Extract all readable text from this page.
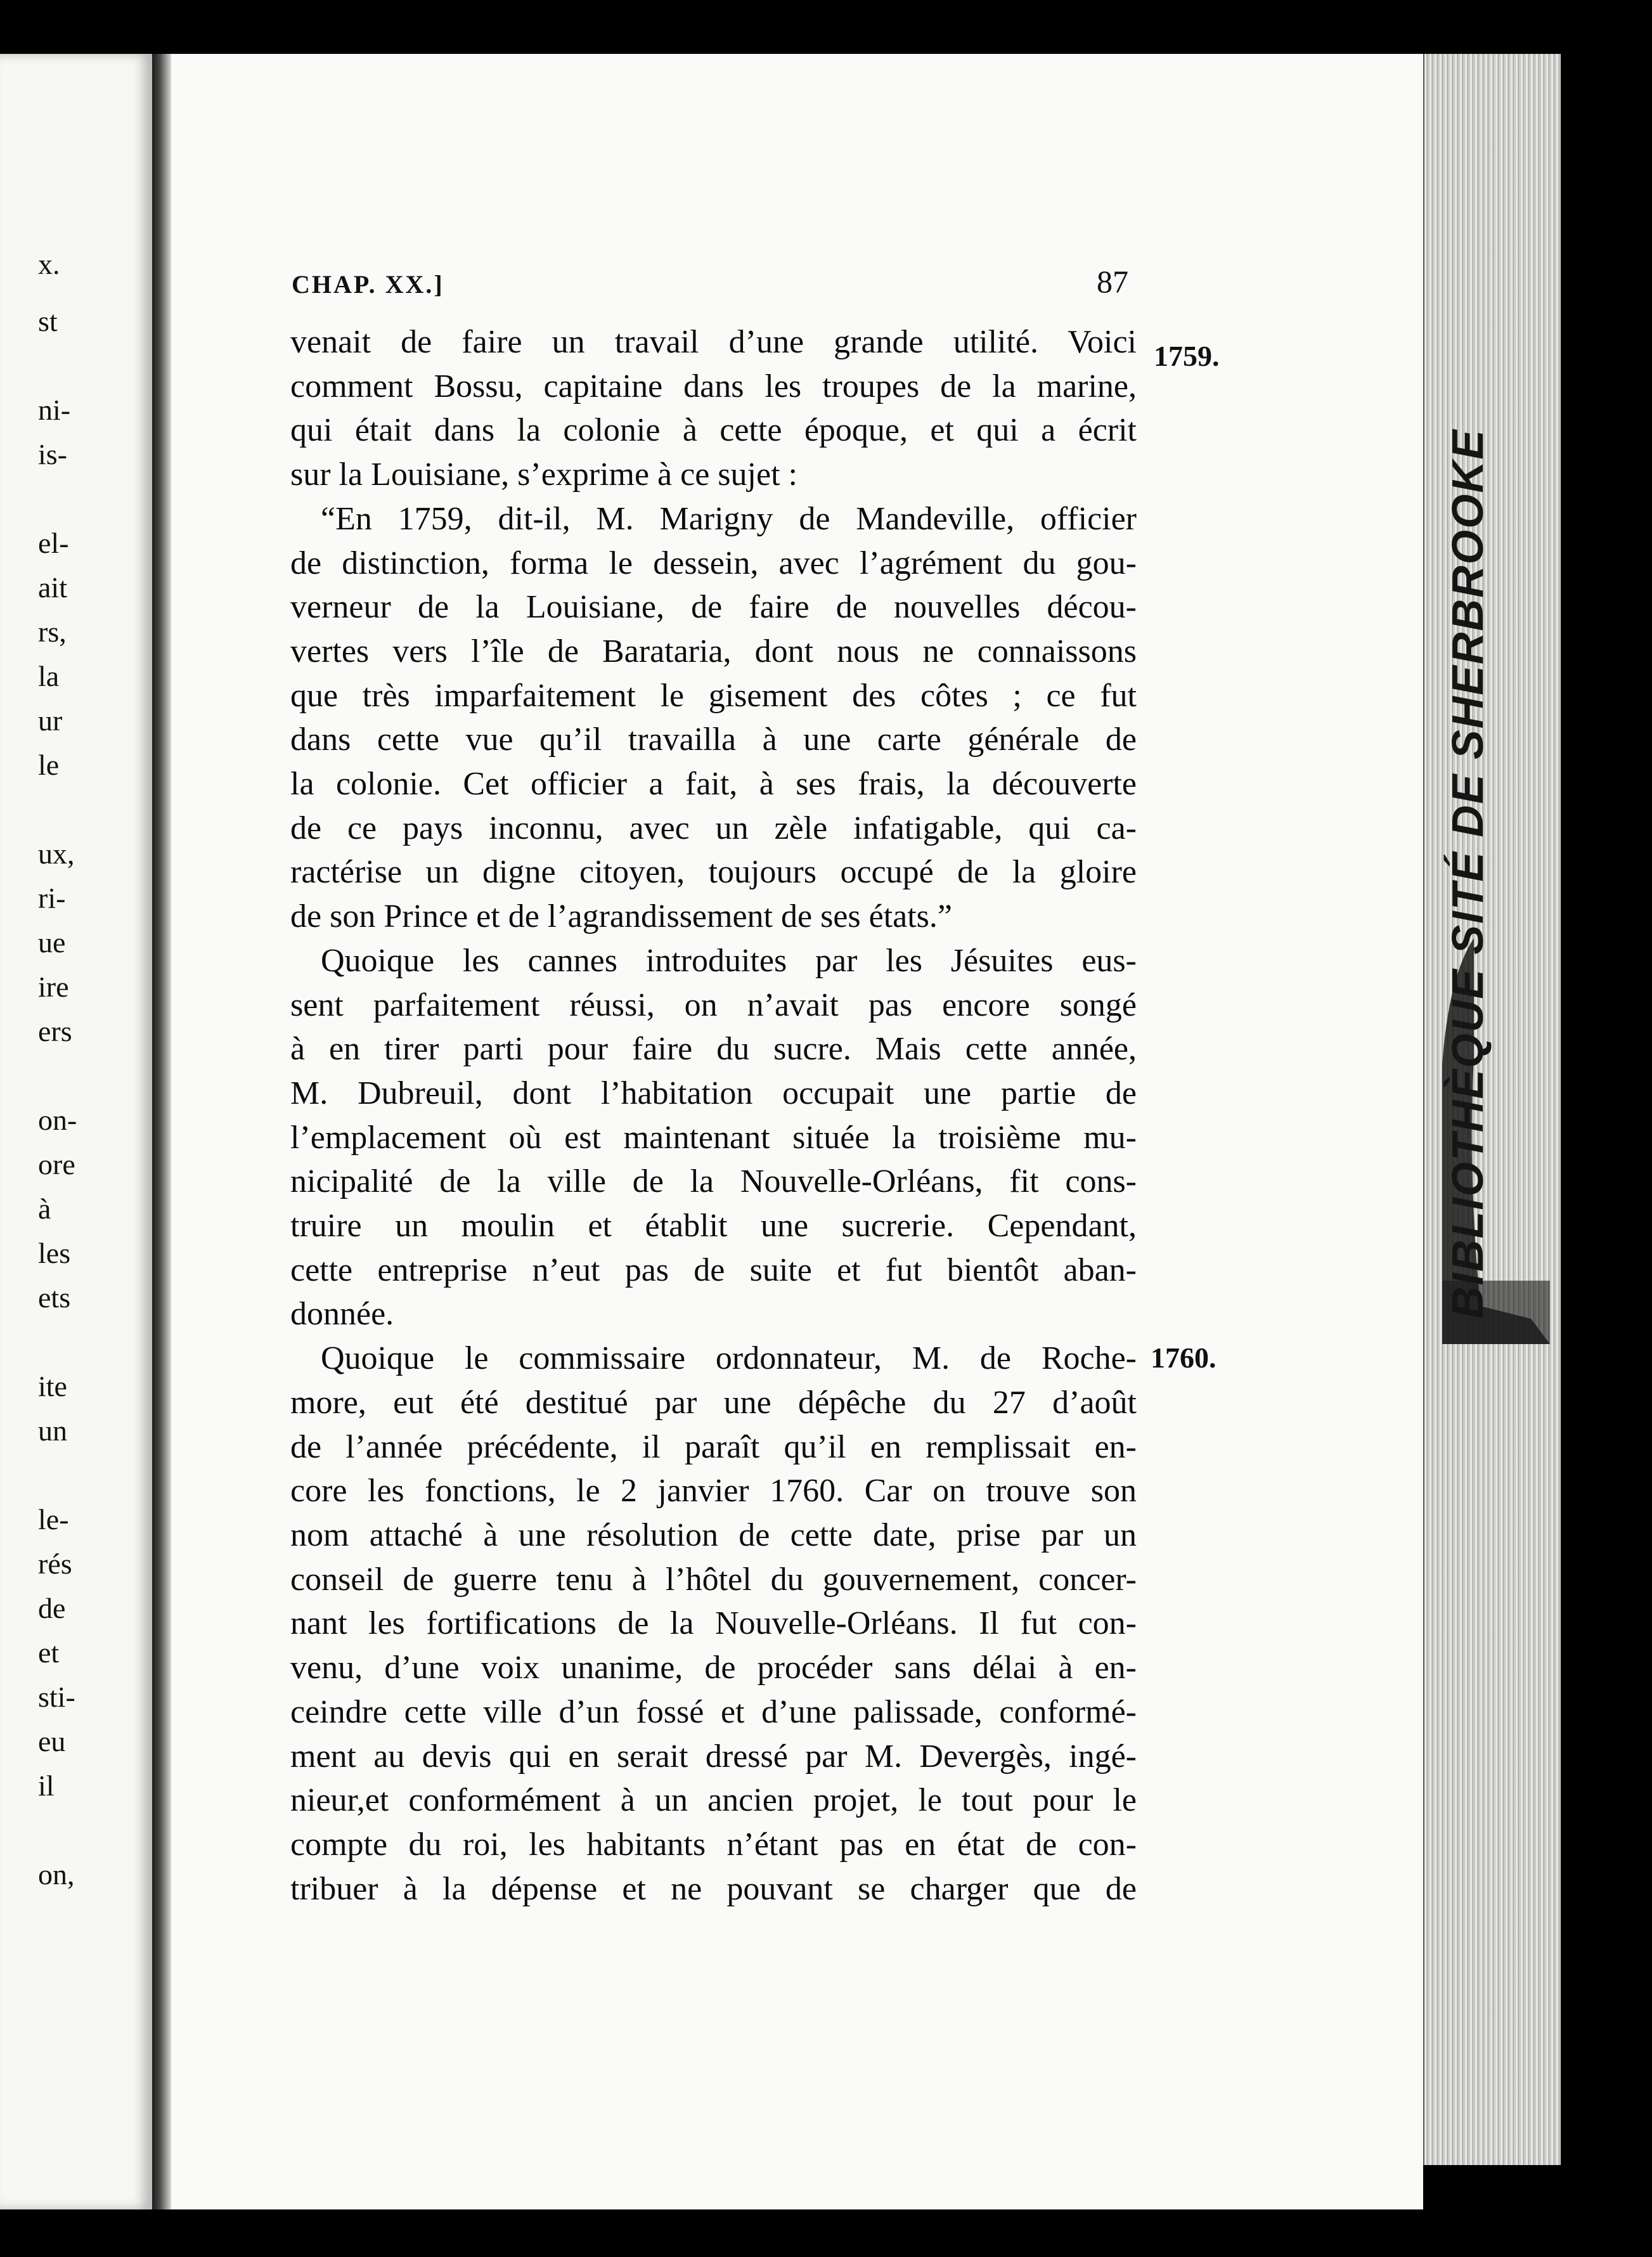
x.
st
ni-
is-
el-
ait
rs,
la
ur
le
ux,
ri-
ue
ire
ers
on-
ore
à
les
ets
ite
un
le-
rés
de
et
sti-
eu
il
on,
BIBLIOTHÈQUE SITÉ DE SHERBROOKE
CHAP. XX.]	87
1759.
1760.
venait de faire un travail d’une grande utilité. Voici
comment Bossu, capitaine dans les troupes de la marine,
qui était dans la colonie à cette époque, et qui a écrit
sur la Louisiane, s’exprime à ce sujet :
“En 1759, dit-il, M. Marigny de Mandeville, officier
de distinction, forma le dessein, avec l’agrément du gou-
verneur de la Louisiane, de faire de nouvelles décou-
vertes vers l’île de Barataria, dont nous ne connaissons
que très imparfaitement le gisement des côtes ; ce fut
dans cette vue qu’il travailla à une carte générale de
la colonie. Cet officier a fait, à ses frais, la découverte
de ce pays inconnu, avec un zèle infatigable, qui ca-
ractérise un digne citoyen, toujours occupé de la gloire
de son Prince et de l’agrandissement de ses états.”
Quoique les cannes introduites par les Jésuites eus-
sent parfaitement réussi, on n’avait pas encore songé
à en tirer parti pour faire du sucre. Mais cette année,
M. Dubreuil, dont l’habitation occupait une partie de
l’emplacement où est maintenant située la troisième mu-
nicipalité de la ville de la Nouvelle-Orléans, fit cons-
truire un moulin et établit une sucrerie. Cependant,
cette entreprise n’eut pas de suite et fut bientôt aban-
donnée.
Quoique le commissaire ordonnateur, M. de Roche-
more, eut été destitué par une dépêche du 27 d’août
de l’année précédente, il paraît qu’il en remplissait en-
core les fonctions, le 2 janvier 1760. Car on trouve son
nom attaché à une résolution de cette date, prise par un
conseil de guerre tenu à l’hôtel du gouvernement, concer-
nant les fortifications de la Nouvelle-Orléans. Il fut con-
venu, d’une voix unanime, de procéder sans délai à en-
ceindre cette ville d’un fossé et d’une palissade, conformé-
ment au devis qui en serait dressé par M. Devergès, ingé-
nieur,et conformément à un ancien projet, le tout pour le
compte du roi, les habitants n’étant pas en état de con-
tribuer à la dépense et ne pouvant se charger que de
